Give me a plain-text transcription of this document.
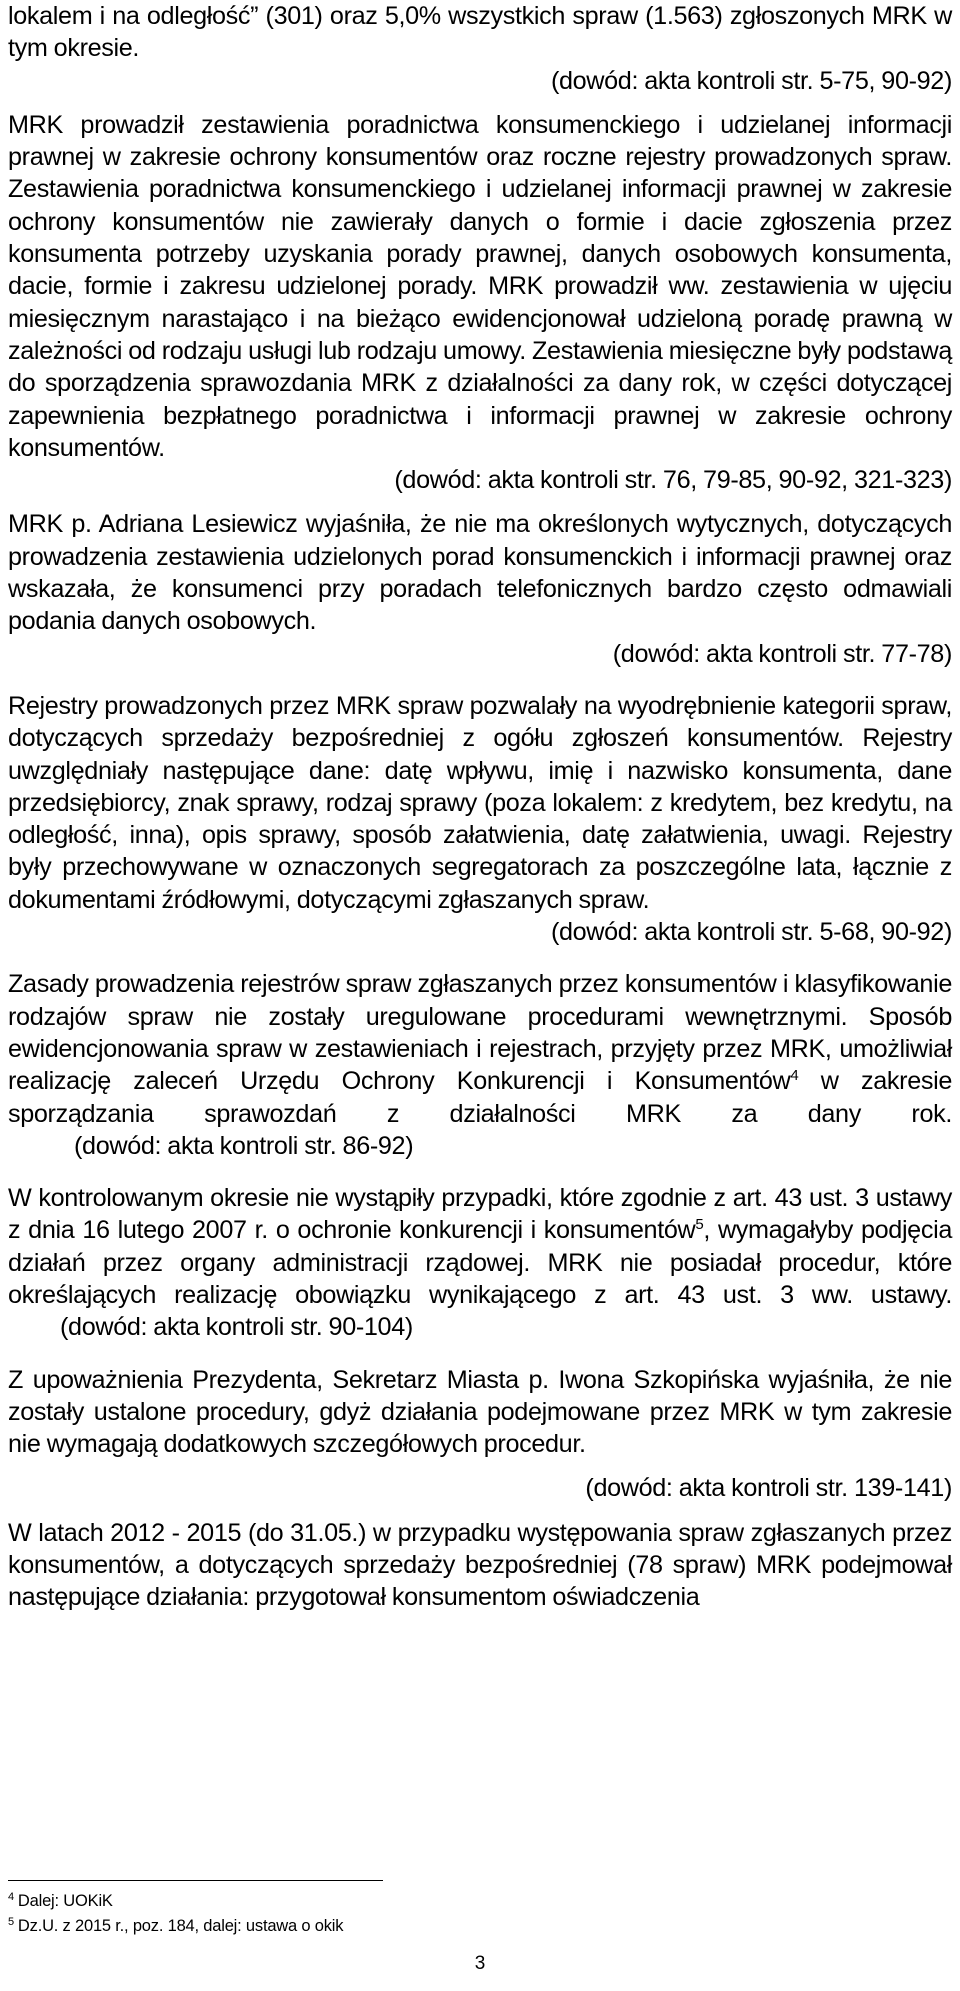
lokalem i na odległość” (301) oraz 5,0% wszystkich spraw (1.563) zgłoszonych MRK w tym okresie.

(dowód: akta kontroli str. 5-75, 90-92)

MRK prowadził zestawienia poradnictwa konsumenckiego i udzielanej informacji prawnej w zakresie ochrony konsumentów oraz roczne rejestry prowadzonych spraw. Zestawienia poradnictwa konsumenckiego i udzielanej informacji prawnej w zakresie ochrony konsumentów nie zawierały danych o formie i dacie zgłoszenia przez konsumenta potrzeby uzyskania porady prawnej, danych osobowych konsumenta, dacie, formie i zakresu udzielonej porady. MRK prowadził ww. zestawienia w ujęciu miesięcznym narastająco i na bieżąco ewidencjonował udzieloną poradę prawną w zależności od rodzaju usługi lub rodzaju umowy. Zestawienia miesięczne były podstawą do sporządzenia sprawozdania MRK z działalności za dany rok, w części dotyczącej zapewnienia bezpłatnego poradnictwa i informacji prawnej w zakresie ochrony konsumentów.

(dowód: akta kontroli str. 76, 79-85, 90-92, 321-323)

MRK p. Adriana Lesiewicz wyjaśniła, że nie ma określonych wytycznych, dotyczących prowadzenia zestawienia udzielonych porad konsumenckich i informacji prawnej oraz wskazała, że konsumenci przy poradach telefonicznych bardzo często odmawiali podania danych osobowych.

(dowód: akta kontroli str. 77-78)

Rejestry prowadzonych przez MRK spraw pozwalały na wyodrębnienie kategorii spraw, dotyczących sprzedaży bezpośredniej z ogółu zgłoszeń konsumentów. Rejestry uwzględniały następujące dane: datę wpływu, imię i nazwisko konsumenta, dane przedsiębiorcy, znak sprawy, rodzaj sprawy (poza lokalem: z kredytem, bez kredytu, na odległość, inna), opis sprawy, sposób załatwienia, datę załatwienia, uwagi. Rejestry były przechowywane w oznaczonych segregatorach za poszczególne lata, łącznie z dokumentami źródłowymi, dotyczącymi zgłaszanych spraw.

(dowód: akta kontroli str. 5-68, 90-92)

Zasady prowadzenia rejestrów spraw zgłaszanych przez konsumentów i klasyfikowanie rodzajów spraw nie zostały uregulowane procedurami wewnętrznymi. Sposób ewidencjonowania spraw w zestawieniach i rejestrach, przyjęty przez MRK, umożliwiał realizację zaleceń Urzędu Ochrony Konkurencji i Konsumentów$^4$ w zakresie sporządzania sprawozdań z działalności MRK za dany rok.(dowód: akta kontroli str. 86-92)

W kontrolowanym okresie nie wystąpiły przypadki, które zgodnie z art. 43 ust. 3 ustawy z dnia 16 lutego 2007 r. o ochronie konkurencji i konsumentów$^5$, wymagałyby podjęcia działań przez organy administracji rządowej. MRK nie posiadał procedur, które określających realizację obowiązku wynikającego z art. 43 ust. 3 ww. ustawy.(dowód: akta kontroli str. 90-104)

Z upoważnienia Prezydenta, Sekretarz Miasta p. Iwona Szkopińska wyjaśniła, że nie zostały ustalone procedury, gdyż działania podejmowane przez MRK w tym zakresie nie wymagają dodatkowych szczegółowych procedur.

(dowód: akta kontroli str. 139-141)

W latach 2012 - 2015 (do 31.05.) w przypadku występowania spraw zgłaszanych przez konsumentów, a dotyczących sprzedaży bezpośredniej (78 spraw) MRK podejmował następujące działania: przygotował konsumentom oświadczenia

$^4$ Dalej: UOKiK
$^5$ Dz.U. z 2015 r., poz. 184, dalej: ustawa o okik
3
